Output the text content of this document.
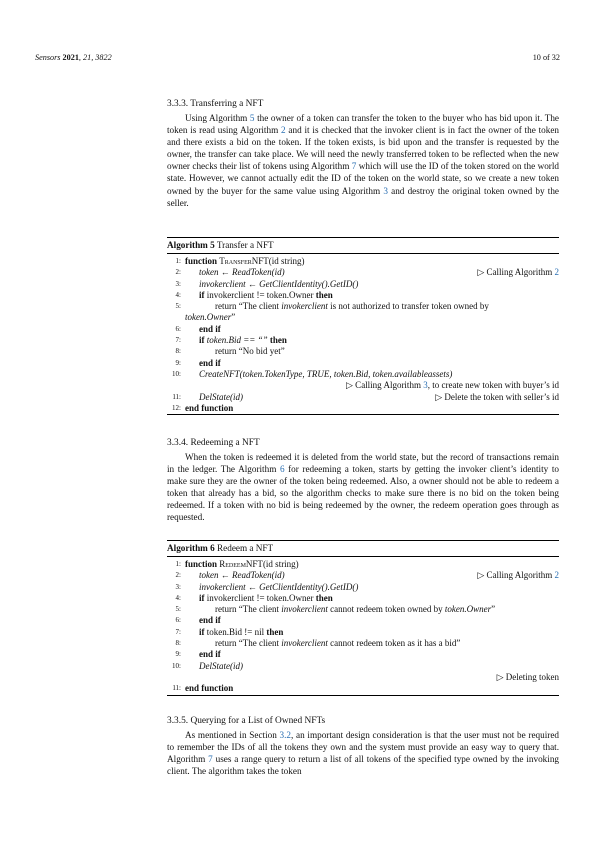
Sensors 2021, 21, 3822	10 of 32
3.3.3. Transferring a NFT

Using Algorithm 5 the owner of a token can transfer the token to the buyer who has bid upon it. The token is read using Algorithm 2 and it is checked that the invoker client is in fact the owner of the token and there exists a bid on the token. If the token exists, is bid upon and the transfer is requested by the owner, the transfer can take place. We will need the newly transferred token to be reflected when the new owner checks their list of tokens using Algorithm 7 which will use the ID of the token stored on the world state. However, we cannot actually edit the ID of the token on the world state, so we create a new token owned by the buyer for the same value using Algorithm 3 and destroy the original token owned by the seller.

Algorithm 5 Transfer a NFT
1: function TransferNFT(id string)
2: token ← ReadToken(id)	▷ Calling Algorithm 2
3: invokerclient ← GetClientIdentity().GetID()
4: if invokerclient != token.Owner then
5:	return “The client invokerclient is not authorized to transfer token owned by
token.Owner”
6: end if
7: if token.Bid == “” then
8:	return “No bid yet”
9: end if
10: CreateNFT(token.TokenType, TRUE, token.Bid, token.availableassets)
▷ Calling Algorithm 3, to create new token with buyer’s id
11: DelState(id)	▷ Delete the token with seller’s id
12: end function
3.3.4. Redeeming a NFT

When the token is redeemed it is deleted from the world state, but the record of transactions remain in the ledger. The Algorithm 6 for redeeming a token, starts by getting the invoker client’s identity to make sure they are the owner of the token being redeemed. Also, a owner should not be able to redeem a token that already has a bid, so the algorithm checks to make sure there is no bid on the token being redeemed. If a token with no bid is being redeemed by the owner, the redeem operation goes through as requested.

Algorithm 6 Redeem a NFT
1: function RedeemNFT(id string)
2: token ← ReadToken(id)	▷ Calling Algorithm 2
3: invokerclient ← GetClientIdentity().GetID()
4: if invokerclient != token.Owner then
5:	return “The client invokerclient cannot redeem token owned by token.Owner”
6: end if
7: if token.Bid != nil then
8:	return “The client invokerclient cannot redeem token as it has a bid”
9: end if
10: DelState(id)
▷ Deleting token
11: end function
3.3.5. Querying for a List of Owned NFTs

As mentioned in Section 3.2, an important design consideration is that the user must not be required to remember the IDs of all the tokens they own and the system must provide an easy way to query that. Algorithm 7 uses a range query to return a list of all tokens of the specified type owned by the invoking client. The algorithm takes the token
